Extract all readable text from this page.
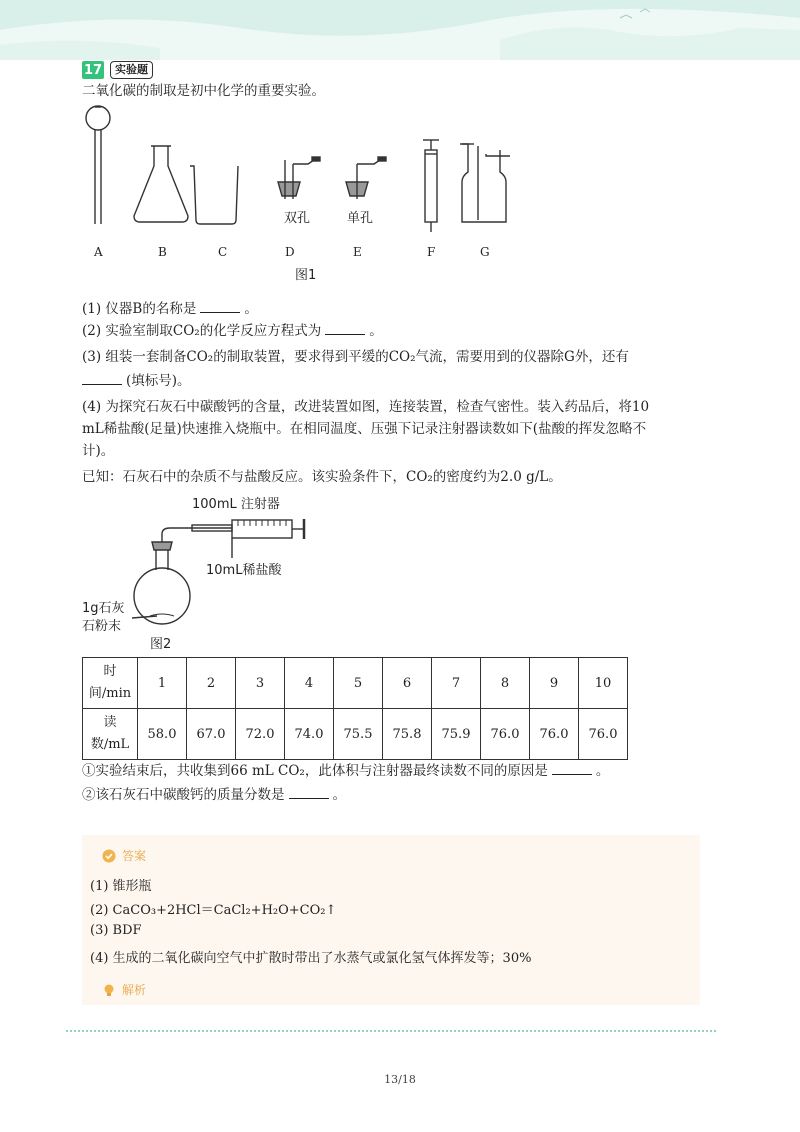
17	实验题
二氧化碳的制取是初中化学的重要实验。
双孔	单孔
A	B	C	D	E	F	G
图1
(1) 仪器B的名称是	。
(2) 实验室制取CO₂的化学反应方程式为	。
(3) 组装一套制备CO₂的制取装置，要求得到平缓的CO₂气流，需要用到的仪器除G外，还有
(填标号)。
(4) 为探究石灰石中碳酸钙的含量，改进装置如图，连接装置，检查气密性。装入药品后，将10
mL稀盐酸(足量)快速推入烧瓶中。在相同温度、压强下记录注射器读数如下(盐酸的挥发忽略不
计)。
已知：石灰石中的杂质不与盐酸反应。该实验条件下，CO₂的密度约为2.0 g/L。
100mL 注射器
10mL稀盐酸
1g石灰
石粉末
图2
时
间/min	1	2	3	4	5	6	7	8	9	10
读
数/mL	58.0	67.0	72.0	74.0	75.5	75.8	75.9	76.0	76.0	76.0
①实验结束后，共收集到66 mL CO₂，此体积与注射器最终读数不同的原因是	。
②该石灰石中碳酸钙的质量分数是	。
答案
(1) 锥形瓶
(2) CaCO₃+2HCl＝CaCl₂+H₂O+CO₂↑
(3) BDF
(4) 生成的二氧化碳向空气中扩散时带出了水蒸气或氯化氢气体挥发等；30%
解析
13/18
